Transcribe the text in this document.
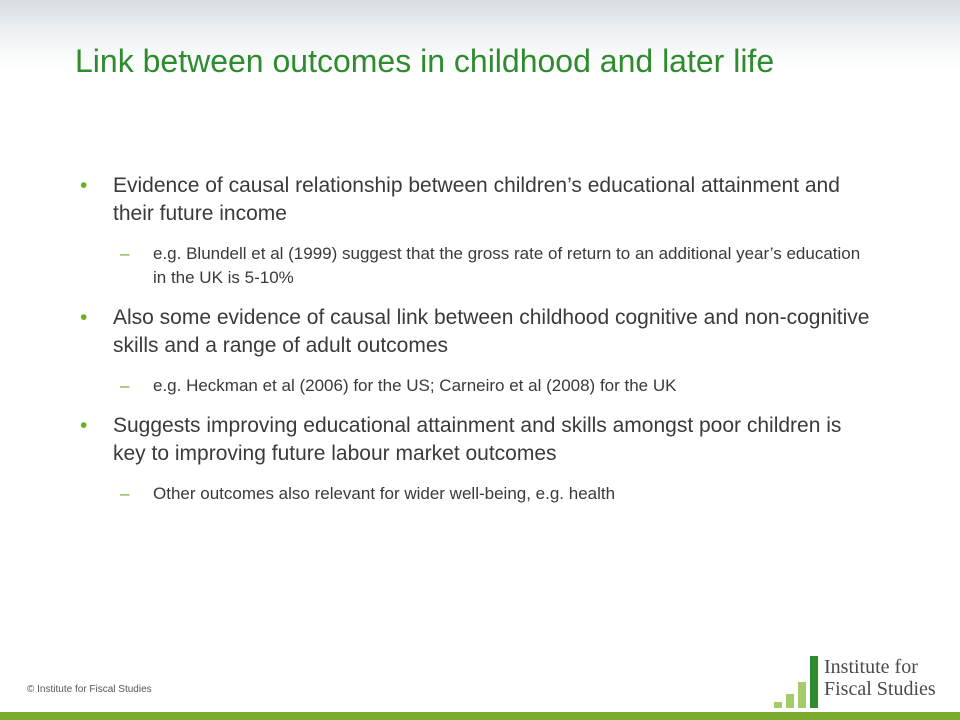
Link between outcomes in childhood and later life
• Evidence of causal relationship between children’s educational attainment and their future income
– e.g. Blundell et al (1999) suggest that the gross rate of return to an additional year’s education in the UK is 5-10%
• Also some evidence of causal link between childhood cognitive and non-cognitive skills and a range of adult outcomes
– e.g. Heckman et al (2006) for the US; Carneiro et al (2008) for the UK
• Suggests improving educational attainment and skills amongst poor children is key to improving future labour market outcomes
– Other outcomes also relevant for wider well-being, e.g. health
© Institute for Fiscal Studies
Institute for
Fiscal Studies
